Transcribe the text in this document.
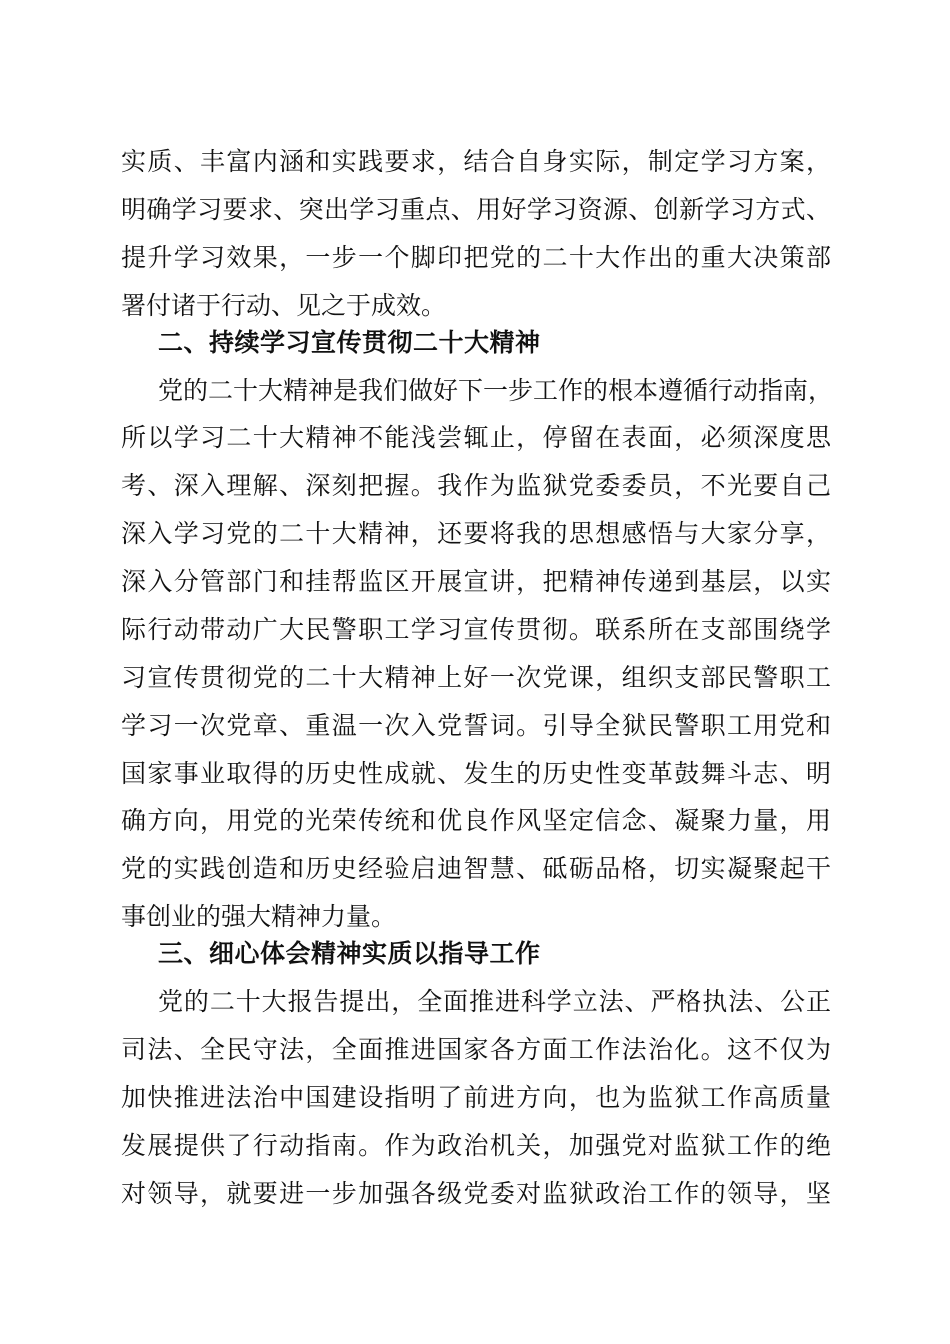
实质、丰富内涵和实践要求，结合自身实际，制定学习方案，
明确学习要求、突出学习重点、用好学习资源、创新学习方式、
提升学习效果，一步一个脚印把党的二十大作出的重大决策部
署付诸于行动、见之于成效。
二、持续学习宣传贯彻二十大精神
党的二十大精神是我们做好下一步工作的根本遵循行动指南，
所以学习二十大精神不能浅尝辄止，停留在表面，必须深度思
考、深入理解、深刻把握。我作为监狱党委委员，不光要自己
深入学习党的二十大精神，还要将我的思想感悟与大家分享，
深入分管部门和挂帮监区开展宣讲，把精神传递到基层，以实
际行动带动广大民警职工学习宣传贯彻。联系所在支部围绕学
习宣传贯彻党的二十大精神上好一次党课，组织支部民警职工
学习一次党章、重温一次入党誓词。引导全狱民警职工用党和
国家事业取得的历史性成就、发生的历史性变革鼓舞斗志、明
确方向，用党的光荣传统和优良作风坚定信念、凝聚力量，用
党的实践创造和历史经验启迪智慧、砥砺品格，切实凝聚起干
事创业的强大精神力量。
三、细心体会精神实质以指导工作
党的二十大报告提出，全面推进科学立法、严格执法、公正
司法、全民守法，全面推进国家各方面工作法治化。这不仅为
加快推进法治中国建设指明了前进方向，也为监狱工作高质量
发展提供了行动指南。作为政治机关，加强党对监狱工作的绝
对领导，就要进一步加强各级党委对监狱政治工作的领导，坚
